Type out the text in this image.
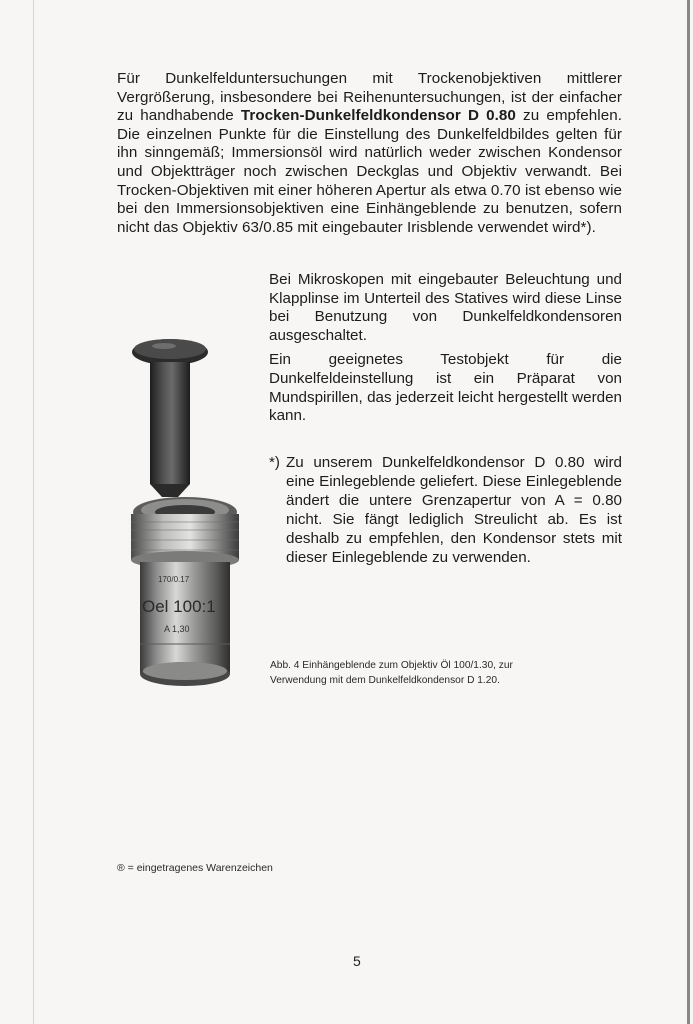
Für Dunkelfelduntersuchungen mit Trockenobjektiven mittlerer Vergrößerung, insbesondere bei Reihenuntersuchungen, ist der einfacher zu handhabende Trocken-Dunkelfeldkondensor D 0.80 zu empfehlen. Die einzelnen Punkte für die Einstellung des Dunkelfeldbildes gelten für ihn sinngemäß; Immersionsöl wird natürlich weder zwischen Kondensor und Objektträger noch zwischen Deckglas und Objektiv verwandt. Bei Trocken-Objektiven mit einer höheren Apertur als etwa 0.70 ist ebenso wie bei den Immersionsobjektiven eine Einhängeblende zu benutzen, sofern nicht das Objektiv 63/0.85 mit eingebauter Irisblende verwendet wird*).

Bei Mikroskopen mit eingebauter Beleuchtung und Klapplinse im Unterteil des Statives wird diese Linse bei Benutzung von Dunkelfeldkondensoren ausgeschaltet.

Ein geeignetes Testobjekt für die Dunkelfeldeinstellung ist ein Präparat von Mundspirillen, das jederzeit leicht hergestellt werden kann.

*) Zu unserem Dunkelfeldkondensor D 0.80 wird eine Einlegeblende geliefert. Diese Einlegeblende ändert die untere Grenzapertur von A = 0.80 nicht. Sie fängt lediglich Streulicht ab. Es ist deshalb zu empfehlen, den Kondensor stets mit dieser Einlegeblende zu verwenden.
170/0.17
Oel 100:1
A 1,30
Abb. 4 Einhängeblende zum Objektiv Öl 100/1.30, zur Verwendung mit dem Dunkelfeldkondensor D 1.20.
® = eingetragenes Warenzeichen
5
